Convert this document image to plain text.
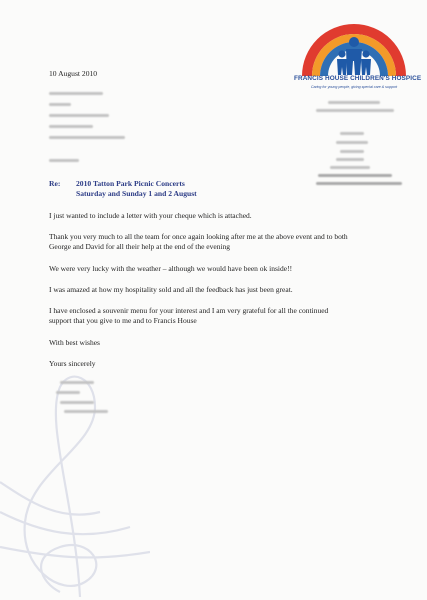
FRANCIS HOUSE CHILDREN'S HOSPICE
Caring for young people, giving special care & support
10 August 2010
Re: 2010 Tatton Park Picnic Concerts
Saturday and Sunday 1 and 2 August
I just wanted to include a letter with your cheque which is attached.
Thank you very much to all the team for once again looking after me at the above event and to both
George and David for all their help at the end of the evening
We were very lucky with the weather – although we would have been ok inside!!
I was amazed at how my hospitality sold and all the feedback has just been great.
I have enclosed a souvenir menu for your interest and I am very grateful for all the continued
support that you give to me and to Francis House
With best wishes
Yours sincerely
